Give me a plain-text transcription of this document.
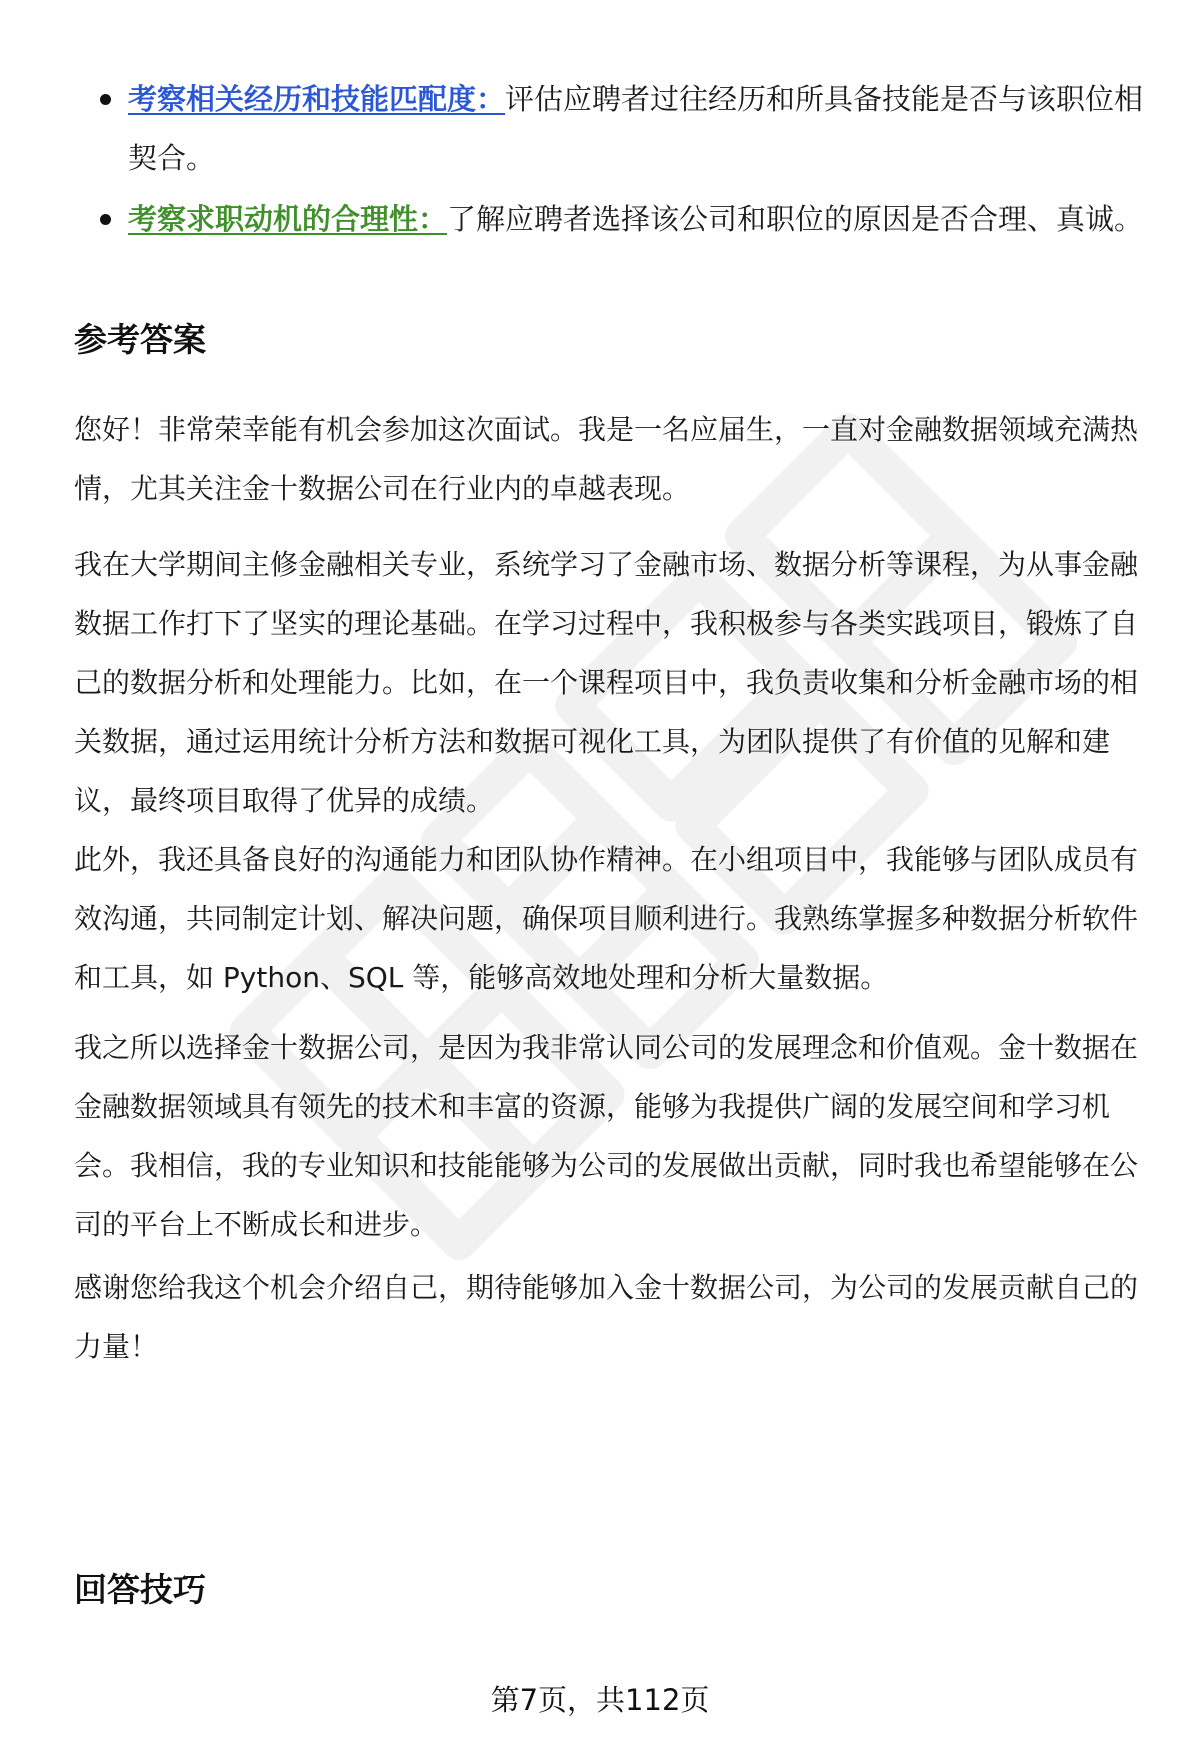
考察相关经历和技能匹配度：评估应聘者过往经历和所具备技能是否与该职位相契合。
考察求职动机的合理性：了解应聘者选择该公司和职位的原因是否合理、真诚。
参考答案

您好！非常荣幸能有机会参加这次面试。我是一名应届生，一直对金融数据领域充满热情，尤其关注金十数据公司在行业内的卓越表现。

我在大学期间主修金融相关专业，系统学习了金融市场、数据分析等课程，为从事金融数据工作打下了坚实的理论基础。在学习过程中，我积极参与各类实践项目，锻炼了自己的数据分析和处理能力。比如，在一个课程项目中，我负责收集和分析金融市场的相关数据，通过运用统计分析方法和数据可视化工具，为团队提供了有价值的见解和建议，最终项目取得了优异的成绩。

此外，我还具备良好的沟通能力和团队协作精神。在小组项目中，我能够与团队成员有效沟通，共同制定计划、解决问题，确保项目顺利进行。我熟练掌握多种数据分析软件和工具，如 Python、SQL 等，能够高效地处理和分析大量数据。

我之所以选择金十数据公司，是因为我非常认同公司的发展理念和价值观。金十数据在金融数据领域具有领先的技术和丰富的资源，能够为我提供广阔的发展空间和学习机会。我相信，我的专业知识和技能能够为公司的发展做出贡献，同时我也希望能够在公司的平台上不断成长和进步。

感谢您给我这个机会介绍自己，期待能够加入金十数据公司，为公司的发展贡献自己的力量！

回答技巧
第7页，共112页
